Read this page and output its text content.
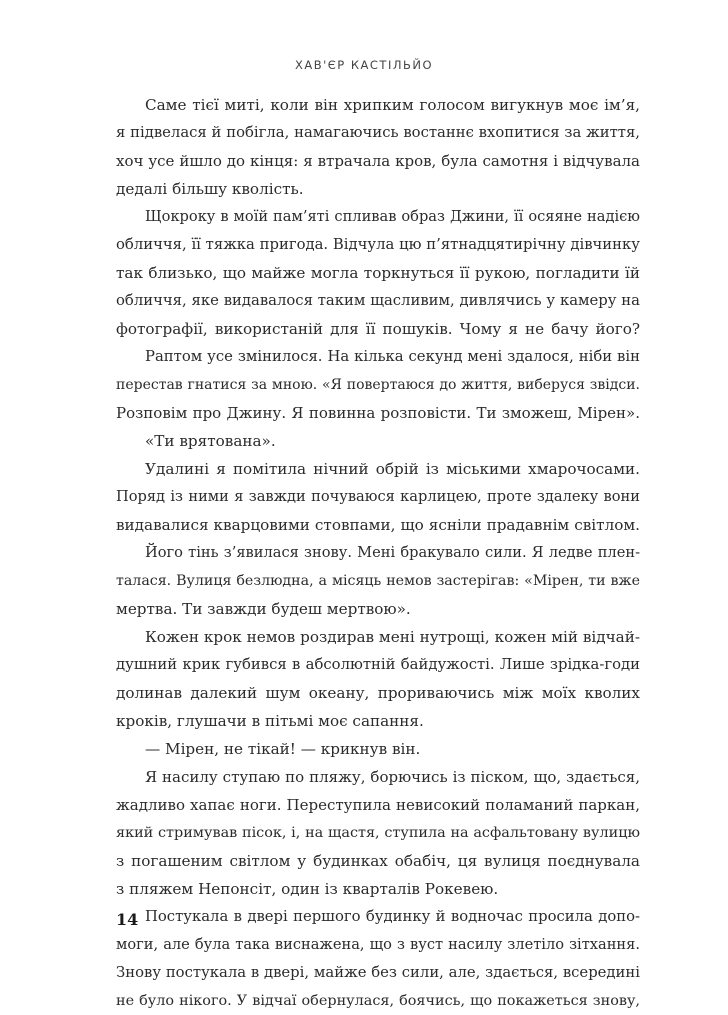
ХАВ'ЄР КАСТІЛЬЙО
Саме тієї миті, коли він хрипким голосом вигукнув моє ім’я,
я підвелася й побігла, намагаючись востаннє вхопитися за життя,
хоч усе йшло до кінця: я втрачала кров, була самотня і відчувала
дедалі більшу кволість.
Щокроку в моїй пам’яті спливав образ Джини, її осяяне надією
обличчя, її тяжка пригода. Відчула цю п’ятнадцятирічну дівчинку
так близько, що майже могла торкнуться її рукою, погладити їй
обличчя, яке видавалося таким щасливим, дивлячись у камеру на
фотографії, використаній для її пошуків. Чому я не бачу його?
Раптом усе змінилося. На кілька секунд мені здалося, ніби він
перестав гнатися за мною. «Я повертаюся до життя, виберуся звідси.
Розповім про Джину. Я повинна розповісти. Ти зможеш, Мірен».
«Ти врятована».
Удалині я помітила нічний обрій із міськими хмарочосами.
Поряд із ними я завжди почуваюся карлицею, проте здалеку вони
видавалися кварцовими стовпами, що ясніли прадавнім світлом.
Його тінь з’явилася знову. Мені бракувало сили. Я ледве плен-
талася. Вулиця безлюдна, а місяць немов застерігав: «Мірен, ти вже
мертва. Ти завжди будеш мертвою».
Кожен крок немов роздирав мені нутрощі, кожен мій відчай-
душний крик губився в абсолютній байдужості. Лише зрідка-годи
долинав далекий шум океану, прориваючись між моїх кволих
кроків, глушачи в пітьмі моє сапання.
— Мірен, не тікай! — крикнув він.
Я насилу ступаю по пляжу, борючись із піском, що, здається,
жадливо хапає ноги. Переступила невисокий поламаний паркан,
який стримував пісок, і, на щастя, ступила на асфальтовану вулицю
з погашеним світлом у будинках обабіч, ця вулиця поєднувала
з пляжем Непонсіт, один із кварталів Рокевею.
Постукала в двері першого будинку й водночас просила допо-
моги, але була така виснажена, що з вуст насилу злетіло зітхання.
Знову постукала в двері, майже без сили, але, здається, всередині
не було нікого. У відчаї обернулася, боячись, що покажеться знову,
14
